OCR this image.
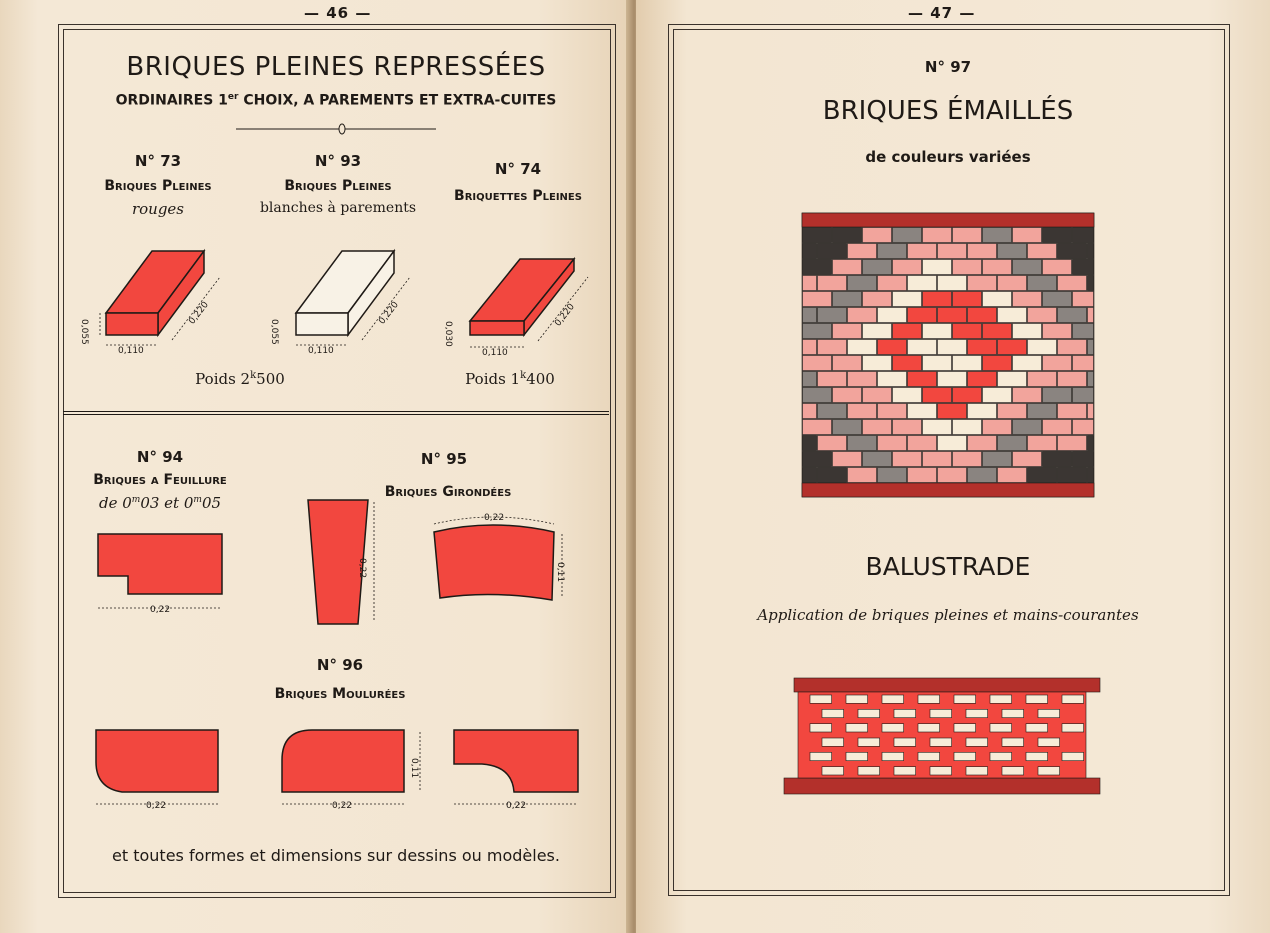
— 46 —
BRIQUES PLEINES REPRESSÉES
ORDINAIRES 1er CHOIX, A PAREMENTS ET EXTRA-CUITES
N° 73
Briques Pleines
rouges
0,055
0,110
0,220
N° 93
Briques Pleines
blanches à parements
0,055
0,110
0,220
N° 74
Briquettes Pleines
0,030
0,110
0,220
Poids 2$^k$500	Poids 1$^k$400
N° 94
Briques a Feuillure
de 0$^m$03 et 0$^m$05
0,22
N° 95
Briques Girondées
0,22
0,22
0,11
N° 96
Briques Moulurées
0,22	0,22
0,11
0,22
et toutes formes et dimensions sur dessins ou modèles.
— 47 —
N° 97
BRIQUES ÉMAILLÉS
de couleurs variées
BALUSTRADE
Application de briques pleines et mains-courantes
